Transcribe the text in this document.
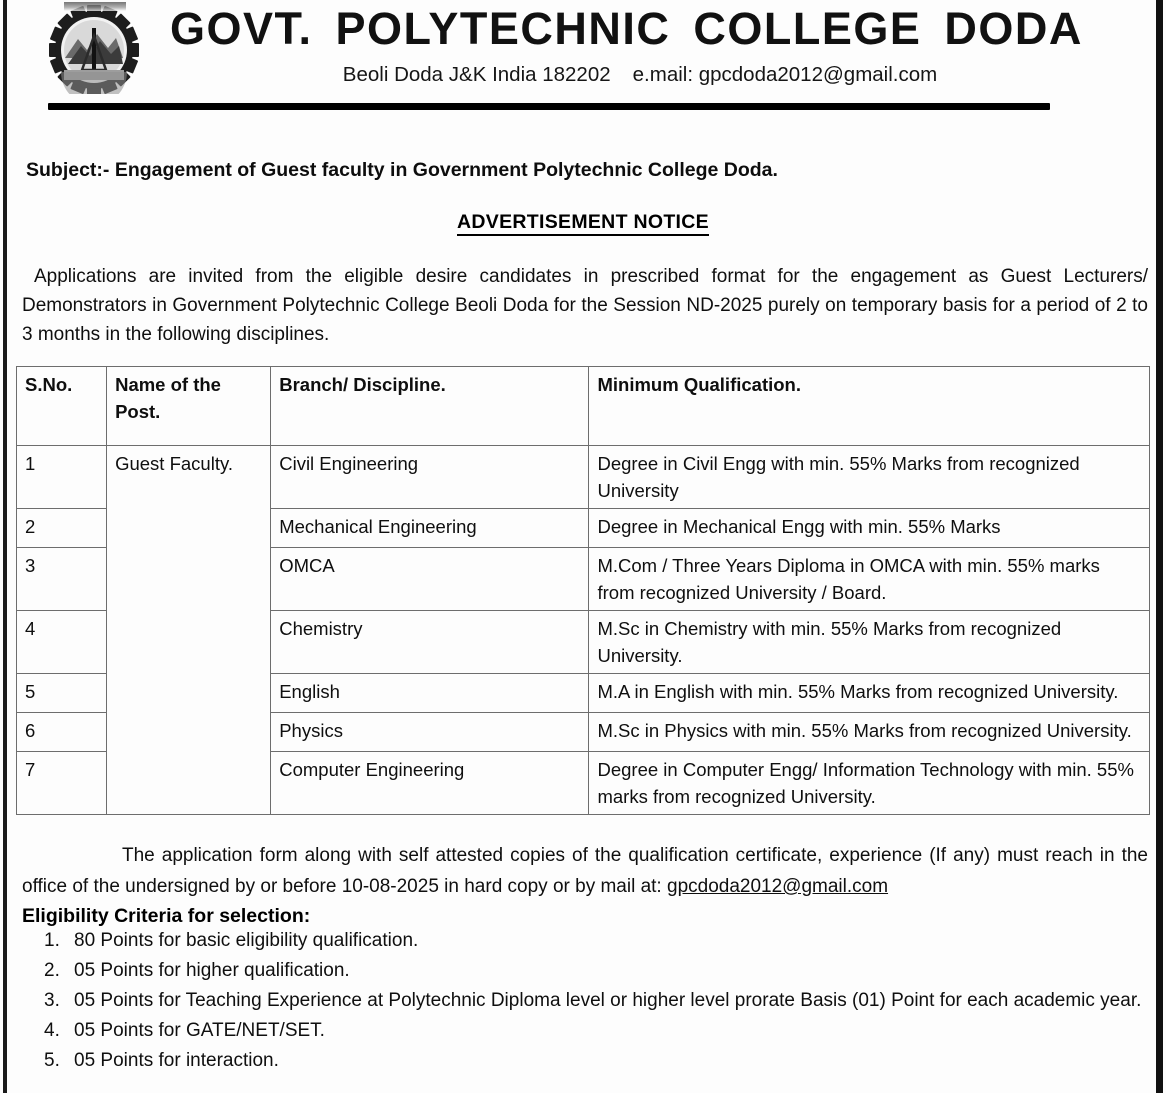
GOVT. POLYTECHNIC COLLEGE DODA
Beoli Doda J&K India 182202 e.mail: gpcdoda2012@gmail.com
Subject:- Engagement of Guest faculty in Government Polytechnic College Doda.
ADVERTISEMENT NOTICE
Applications are invited from the eligible desire candidates in prescribed format for the engagement as Guest Lecturers/ Demonstrators in Government Polytechnic College Beoli Doda for the Session ND-2025 purely on temporary basis for a period of 2 to 3 months in the following disciplines.
S.No.	Name of the Post.	Branch/ Discipline.	Minimum Qualification.
1	Guest Faculty.	Civil Engineering	Degree in Civil Engg with min. 55% Marks from recognized University
2		Mechanical Engineering	Degree in Mechanical Engg with min. 55% Marks
3		OMCA	M.Com / Three Years Diploma in OMCA with min. 55% marks from recognized University / Board.
4		Chemistry	M.Sc in Chemistry with min. 55% Marks from recognized University.
5		English	M.A in English with min. 55% Marks from recognized University.
6		Physics	M.Sc in Physics with min. 55% Marks from recognized University.
7		Computer Engineering	Degree in Computer Engg/ Information Technology with min. 55% marks from recognized University.
The application form along with self attested copies of the qualification certificate, experience (If any) must reach in the office of the undersigned by or before 10-08-2025 in hard copy or by mail at: gpcdoda2012@gmail.com
Eligibility Criteria for selection:
1. 80 Points for basic eligibility qualification.
2. 05 Points for higher qualification.
3. 05 Points for Teaching Experience at Polytechnic Diploma level or higher level prorate Basis (01) Point for each academic year.
4. 05 Points for GATE/NET/SET.
5. 05 Points for interaction.
